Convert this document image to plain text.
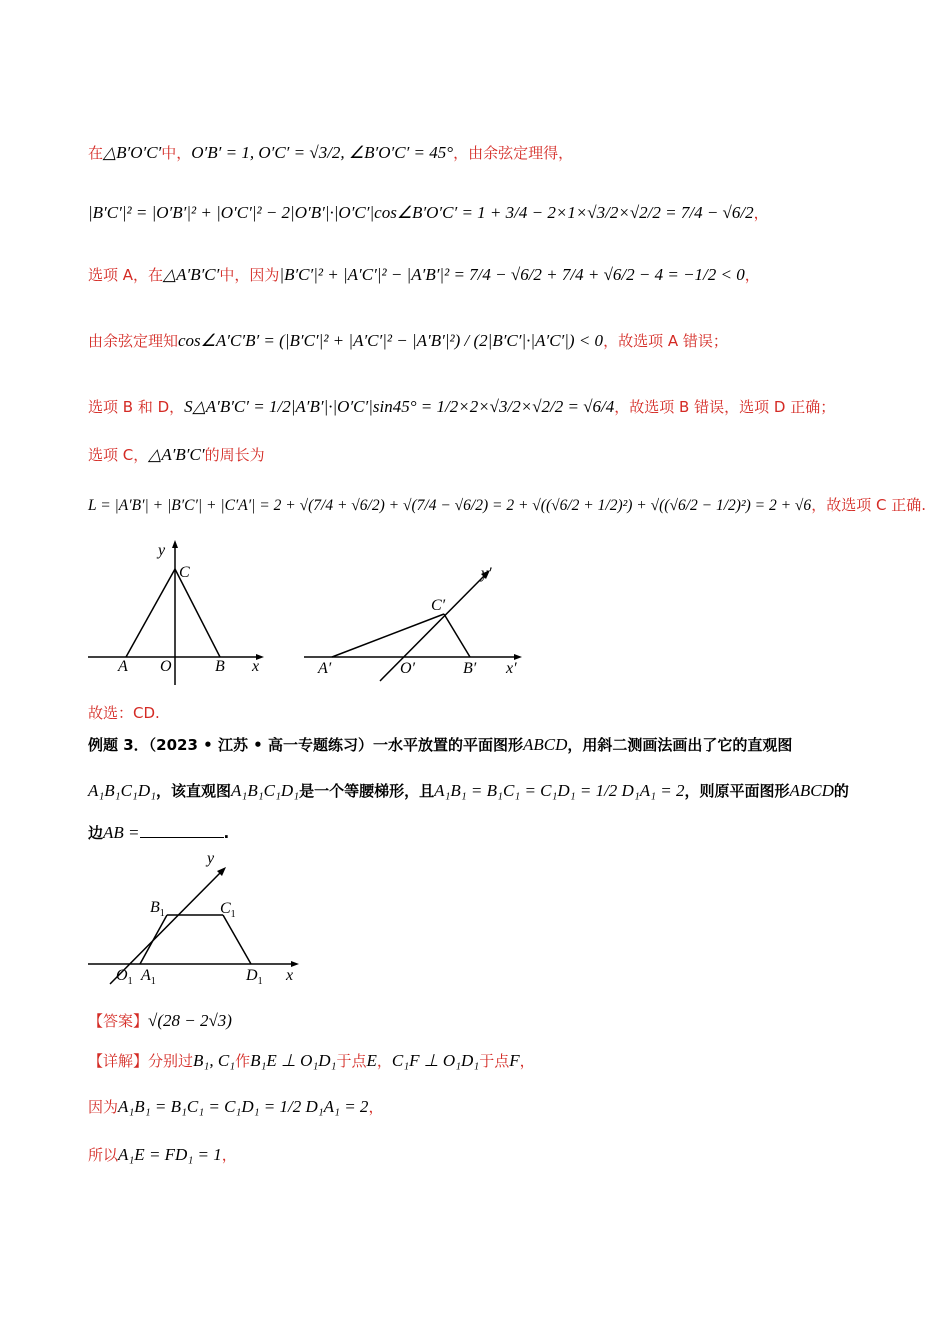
在△B′O′C′中，O′B′ = 1, O′C′ = √3/2, ∠B′O′C′ = 45°，由余弦定理得，
|B′C′|² = |O′B′|² + |O′C′|² − 2|O′B′|·|O′C′|cos∠B′O′C′ = 1 + 3/4 − 2×1×√3/2×√2/2 = 7/4 − √6/2，
选项 A，在△A′B′C′中，因为|B′C′|² + |A′C′|² − |A′B′|² = 7/4 − √6/2 + 7/4 + √6/2 − 4 = −1/2 < 0，
由余弦定理知cos∠A′C′B′ = (|B′C′|² + |A′C′|² − |A′B′|²) / (2|B′C′|·|A′C′|) < 0，故选项 A 错误；
选项 B 和 D，S△A′B′C′ = 1/2|A′B′|·|O′C′|sin45° = 1/2×2×√3/2×√2/2 = √6/4，故选项 B 错误，选项 D 正确；
选项 C，△A′B′C′的周长为
L = |A′B′| + |B′C′| + |C′A′| = 2 + √(7/4 + √6/2) + √(7/4 − √6/2) = 2 + √((√6/2 + 1/2)²) + √((√6/2 − 1/2)²) = 2 + √6，故选项 C 正确.
y
C
A O	B x
y′
C′
A′	O′	B′ x′
故选：CD.
例题 3．（2023 • 江苏 • 高一专题练习）一水平放置的平面图形ABCD，用斜二测画法画出了它的直观图
A₁B₁C₁D₁，该直观图A₁B₁C₁D₁是一个等腰梯形，且A₁B₁ = B₁C₁ = C₁D₁ = 1/2 D₁A₁ = 2，则原平面图形ABCD的
边AB =	.
y
$B_1$	$C_1$
$O_1$ $A_1$	$D_1$ x
【答案】√(28 − 2√3)
【详解】分别过B₁, C₁作B₁E ⊥ O₁D₁于点E，C₁F ⊥ O₁D₁于点F，
因为A₁B₁ = B₁C₁ = C₁D₁ = 1/2 D₁A₁ = 2，
所以A₁E = FD₁ = 1，
